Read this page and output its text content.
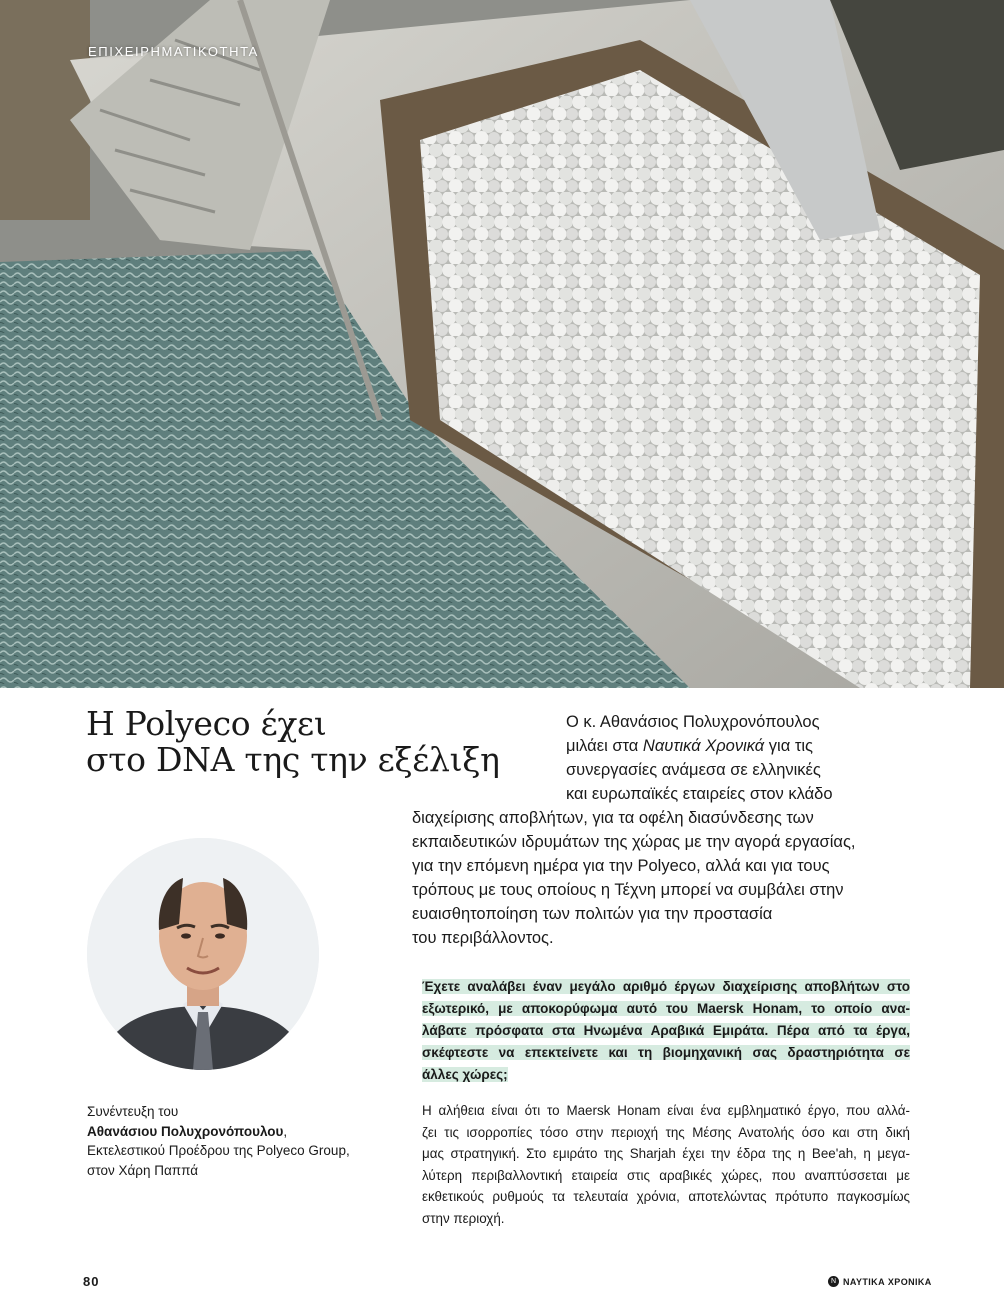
ΕΠΙΧΕΙΡΗΜΑΤΙΚΟΤΗΤΑ
Η Polyeco έχει
στο DNA της την εξέλιξη
Ο κ. Αθανάσιος Πολυχρονόπουλος
μιλάει στα Ναυτικά Χρονικά για τις
συνεργασίες ανάμεσα σε ελληνικές
και ευρωπαϊκές εταιρείες στον κλάδο
διαχείρισης αποβλήτων, για τα οφέλη διασύνδεσης των
εκπαιδευτικών ιδρυμάτων της χώρας με την αγορά εργασίας,
για την επόμενη ημέρα για την Polyeco, αλλά και για τους
τρόπους με τους οποίους η Τέχνη μπορεί να συμβάλει στην
ευαισθητοποίηση των πολιτών για την προστασία
του περιβάλλοντος.
Συνέντευξη του
Αθανάσιου Πολυχρονόπουλου,
Εκτελεστικού Προέδρου της Polyeco Group,
στον Χάρη Παππά
Έχετε αναλάβει έναν μεγάλο αριθμό έργων διαχείρισης αποβλήτων στο
εξωτερικό, με αποκορύφωμα αυτό του Maersk Honam, το οποίο ανα-
λάβατε πρόσφατα στα Ηνωμένα Αραβικά Εμιράτα. Πέρα από τα έργα,
σκέφτεστε να επεκτείνετε και τη βιομηχανική σας δραστηριότητα σε
άλλες χώρες;
Η αλήθεια είναι ότι το Maersk Honam είναι ένα εμβληματικό έργο, που αλλά-
ζει τις ισορροπίες τόσο στην περιοχή της Μέσης Ανατολής όσο και στη δική
μας στρατηγική. Στο εμιράτο της Sharjah έχει την έδρα της η Bee'ah, η μεγα-
λύτερη περιβαλλοντική εταιρεία στις αραβικές χώρες, που αναπτύσσεται με
εκθετικούς ρυθμούς τα τελευταία χρόνια, αποτελώντας πρότυπο παγκοσμίως
στην περιοχή.
80	Ν ΝΑΥΤΙΚΑ ΧΡΟΝΙΚΑ
